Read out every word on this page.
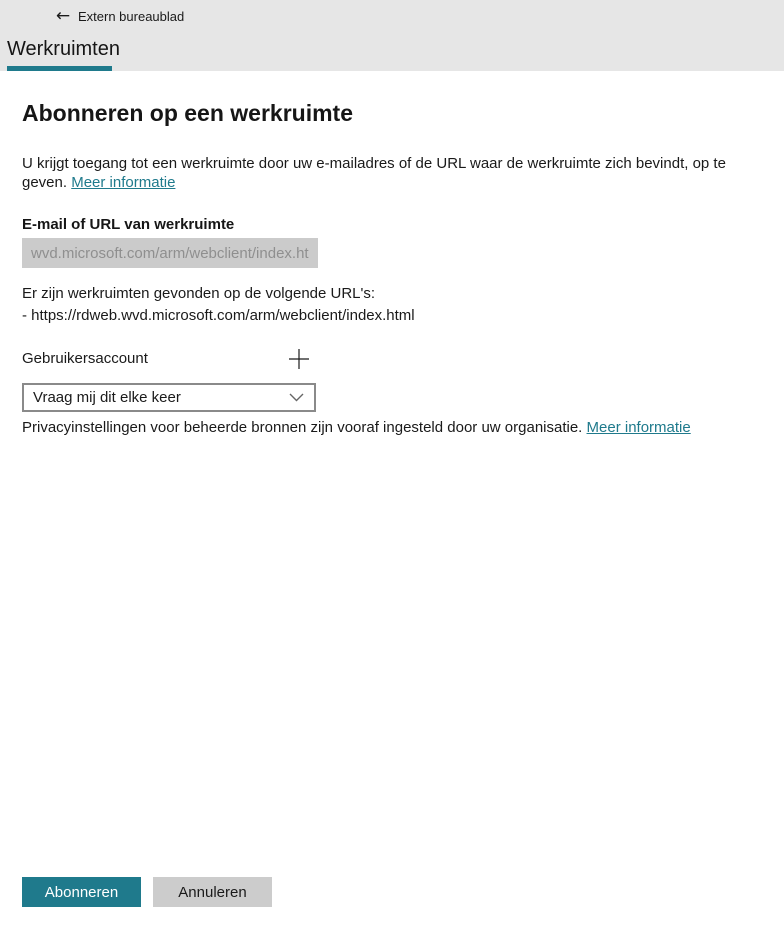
← Extern bureaublad
Werkruimten
Abonneren op een werkruimte

U krijgt toegang tot een werkruimte door uw e-mailadres of de URL waar de werkruimte zich bevindt, op te geven. Meer informatie

E-mail of URL van werkruimte
wvd.microsoft.com/arm/webclient/index.html
Er zijn werkruimten gevonden op de volgende URL's:
- https://rdweb.wvd.microsoft.com/arm/webclient/index.html
Gebruikersaccount
Vraag mij dit elke keer

Privacyinstellingen voor beheerde bronnen zijn vooraf ingesteld door uw organisatie. Meer informatie

Abonneren	Annuleren
